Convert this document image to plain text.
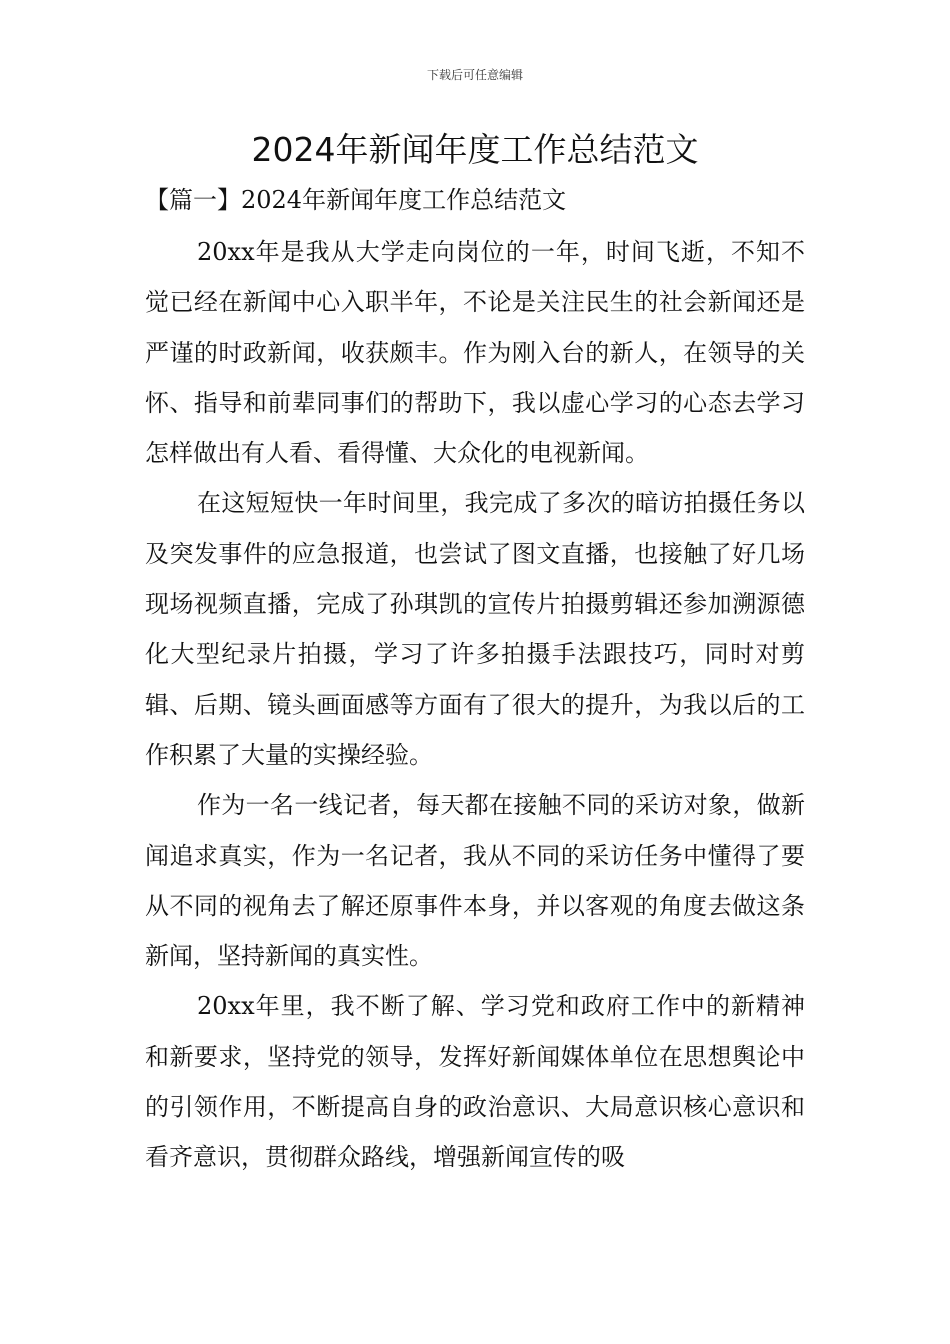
下载后可任意编辑
2024年新闻年度工作总结范文
【篇一】2024年新闻年度工作总结范文

20xx年是我从大学走向岗位的一年，时间飞逝，不知不觉已经在新闻中心入职半年，不论是关注民生的社会新闻还是严谨的时政新闻，收获颇丰。作为刚入台的新人，在领导的关怀、指导和前辈同事们的帮助下，我以虚心学习的心态去学习怎样做出有人看、看得懂、大众化的电视新闻。

在这短短快一年时间里，我完成了多次的暗访拍摄任务以及突发事件的应急报道，也尝试了图文直播，也接触了好几场现场视频直播，完成了孙琪凯的宣传片拍摄剪辑还参加溯源德化大型纪录片拍摄，学习了许多拍摄手法跟技巧，同时对剪辑、后期、镜头画面感等方面有了很大的提升，为我以后的工作积累了大量的实操经验。

作为一名一线记者，每天都在接触不同的采访对象，做新闻追求真实，作为一名记者，我从不同的采访任务中懂得了要从不同的视角去了解还原事件本身，并以客观的角度去做这条新闻，坚持新闻的真实性。

20xx年里，我不断了解、学习党和政府工作中的新精神和新要求，坚持党的领导，发挥好新闻媒体单位在思想舆论中的引领作用，不断提高自身的政治意识、大局意识核心意识和看齐意识，贯彻群众路线，增强新闻宣传的吸
